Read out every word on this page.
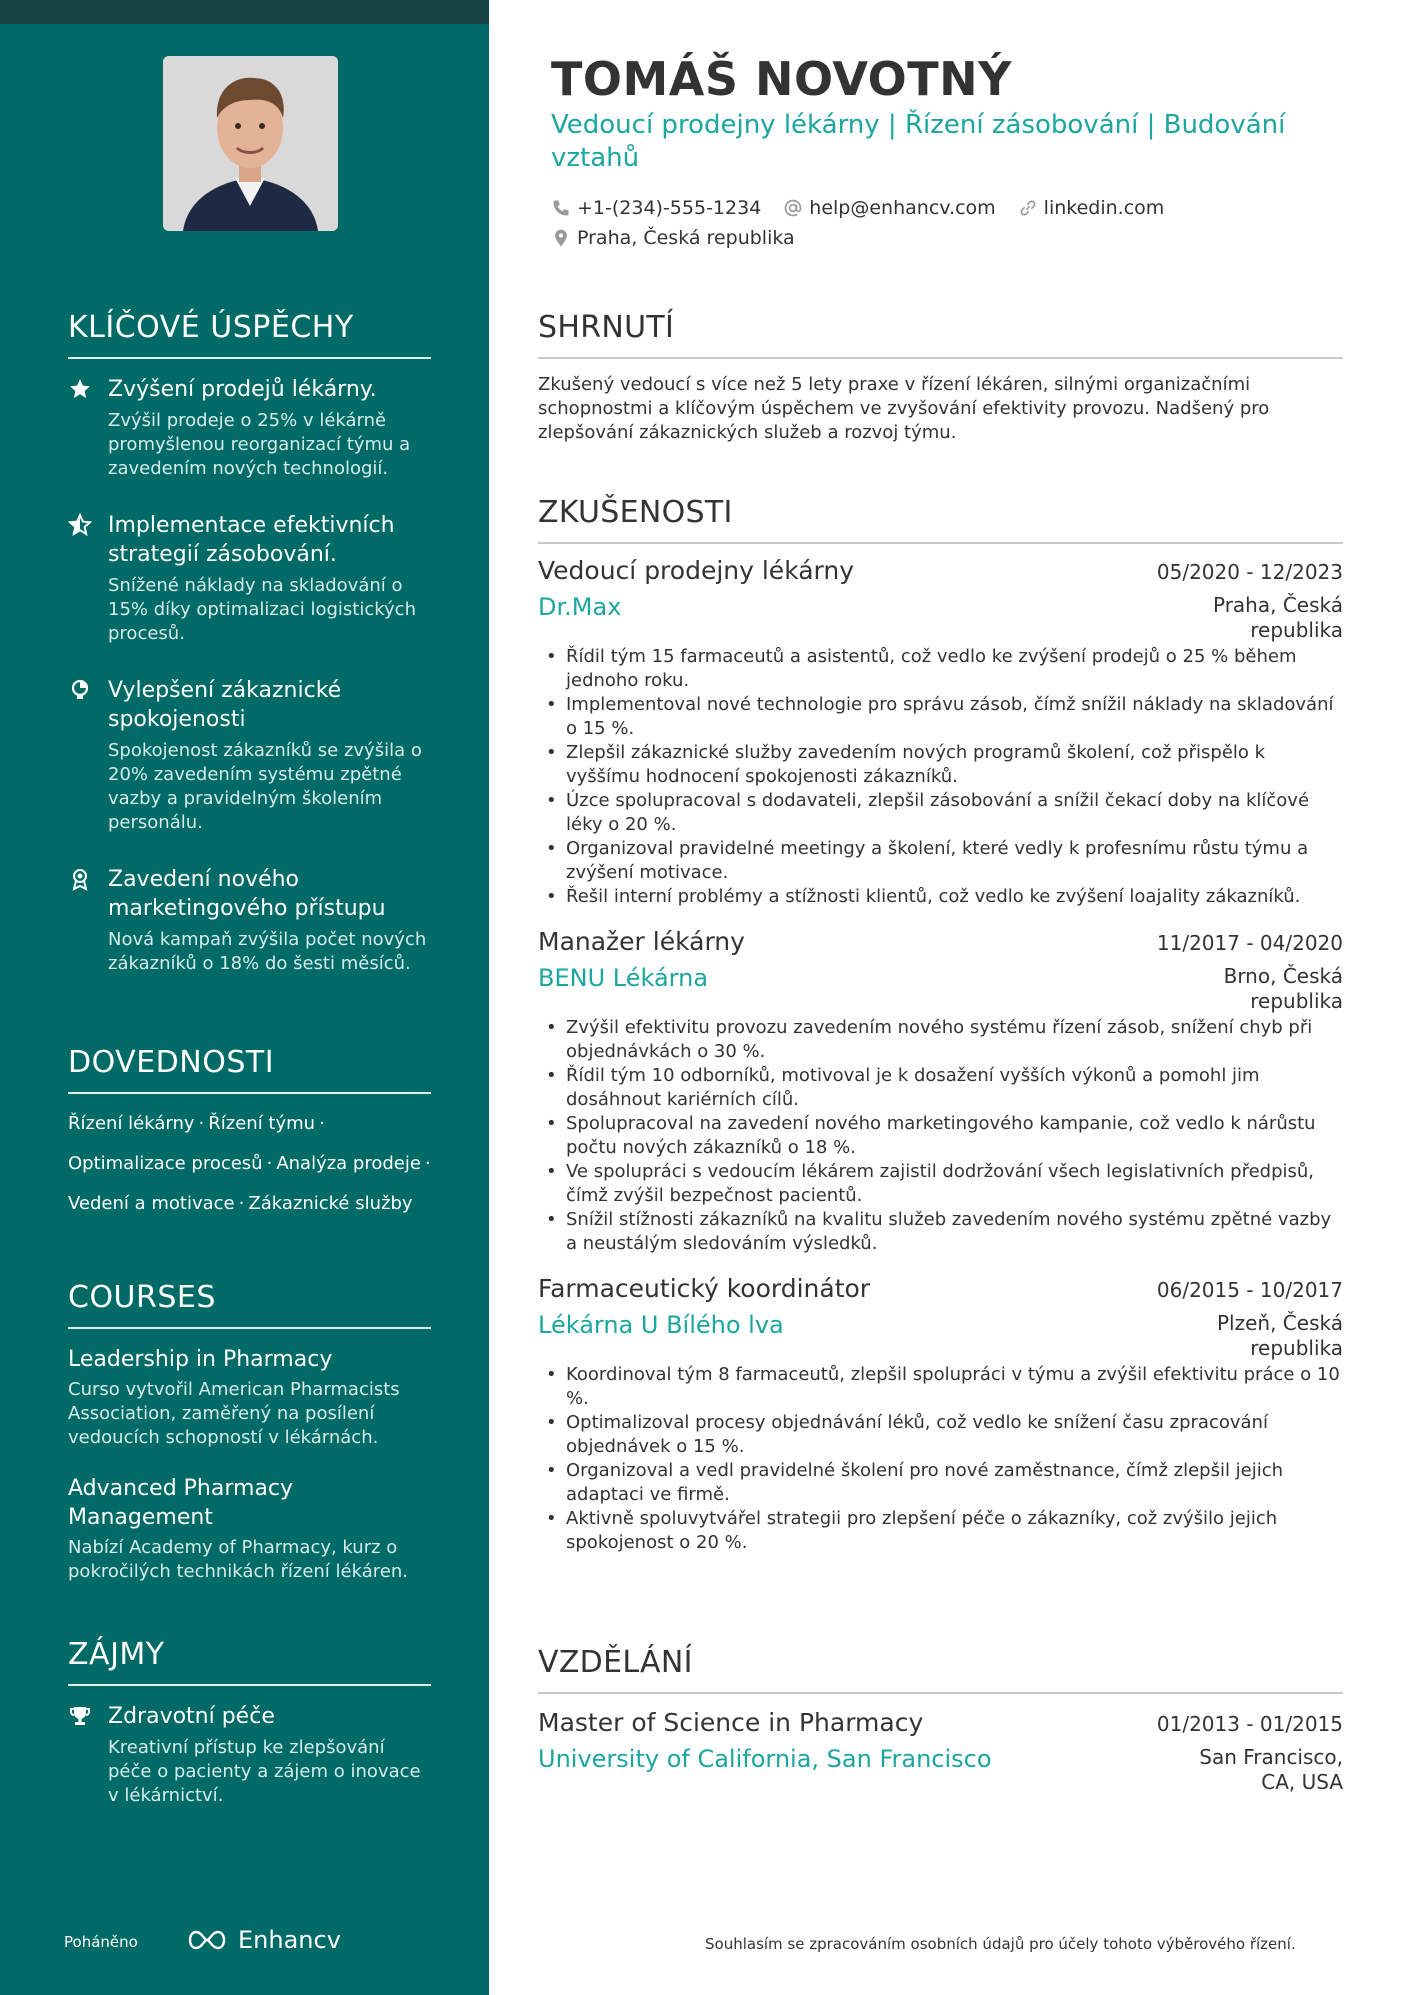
KLÍČOVÉ ÚSPĚCHY
Zvýšení prodejů lékárny.
Zvýšil prodeje o 25% v lékárně promyšlenou reorganizací týmu a zavedením nových technologií.
Implementace efektivních strategií zásobování.
Snížené náklady na skladování o 15% díky optimalizaci logistických procesů.
Vylepšení zákaznické spokojenosti
Spokojenost zákazníků se zvýšila o 20% zavedením systému zpětné vazby a pravidelným školením personálu.
Zavedení nového marketingového přístupu
Nová kampaň zvýšila počet nových zákazníků o 18% do šesti měsíců.
DOVEDNOSTI
Řízení lékárny · Řízení týmu ·
Optimalizace procesů · Analýza prodeje ·
Vedení a motivace · Zákaznické služby
COURSES
Leadership in Pharmacy
Curso vytvořil American Pharmacists Association, zaměřený na posílení vedoucích schopností v lékárnách.
Advanced Pharmacy Management
Nabízí Academy of Pharmacy, kurz o pokročilých technikách řízení lékáren.
ZÁJMY
Zdravotní péče
Kreativní přístup ke zlepšování péče o pacienty a zájem o inovace v lékárnictví.
Poháněno	Enhancv
TOMÁŠ NOVOTNÝ
Vedoucí prodejny lékárny | Řízení zásobování | Budování vztahů
+1-(234)-555-1234	help@enhancv.com	linkedin.com
Praha, Česká republika
SHRNUTÍ
Zkušený vedoucí s více než 5 lety praxe v řízení lékáren, silnými organizačními schopnostmi a klíčovým úspěchem ve zvyšování efektivity provozu. Nadšený pro zlepšování zákaznických služeb a rozvoj týmu.
ZKUŠENOSTI
Vedoucí prodejny lékárny	05/2020 - 12/2023
Dr.Max	Praha, Česká republika
• Řídil tým 15 farmaceutů a asistentů, což vedlo ke zvýšení prodejů o 25 % během jednoho roku.
• Implementoval nové technologie pro správu zásob, čímž snížil náklady na skladování o 15 %.
• Zlepšil zákaznické služby zavedením nových programů školení, což přispělo k vyššímu hodnocení spokojenosti zákazníků.
• Úzce spolupracoval s dodavateli, zlepšil zásobování a snížil čekací doby na klíčové léky o 20 %.
• Organizoval pravidelné meetingy a školení, které vedly k profesnímu růstu týmu a zvýšení motivace.
• Řešil interní problémy a stížnosti klientů, což vedlo ke zvýšení loajality zákazníků.
Manažer lékárny	11/2017 - 04/2020
BENU Lékárna	Brno, Česká republika
• Zvýšil efektivitu provozu zavedením nového systému řízení zásob, snížení chyb při objednávkách o 30 %.
• Řídil tým 10 odborníků, motivoval je k dosažení vyšších výkonů a pomohl jim dosáhnout kariérních cílů.
• Spolupracoval na zavedení nového marketingového kampanie, což vedlo k nárůstu počtu nových zákazníků o 18 %.
• Ve spolupráci s vedoucím lékárem zajistil dodržování všech legislativních předpisů, čímž zvýšil bezpečnost pacientů.
• Snížil stížnosti zákazníků na kvalitu služeb zavedením nového systému zpětné vazby a neustálým sledováním výsledků.
Farmaceutický koordinátor	06/2015 - 10/2017
Lékárna U Bílého lva	Plzeň, Česká republika
• Koordinoval tým 8 farmaceutů, zlepšil spolupráci v týmu a zvýšil efektivitu práce o 10 %.
• Optimalizoval procesy objednávání léků, což vedlo ke snížení času zpracování objednávek o 15 %.
• Organizoval a vedl pravidelné školení pro nové zaměstnance, čímž zlepšil jejich adaptaci ve firmě.
• Aktivně spoluvytvářel strategii pro zlepšení péče o zákazníky, což zvýšilo jejich spokojenost o 20 %.
VZDĚLÁNÍ
Master of Science in Pharmacy	01/2013 - 01/2015
University of California, San Francisco	San Francisco, CA, USA
Souhlasím se zpracováním osobních údajů pro účely tohoto výběrového řízení.
